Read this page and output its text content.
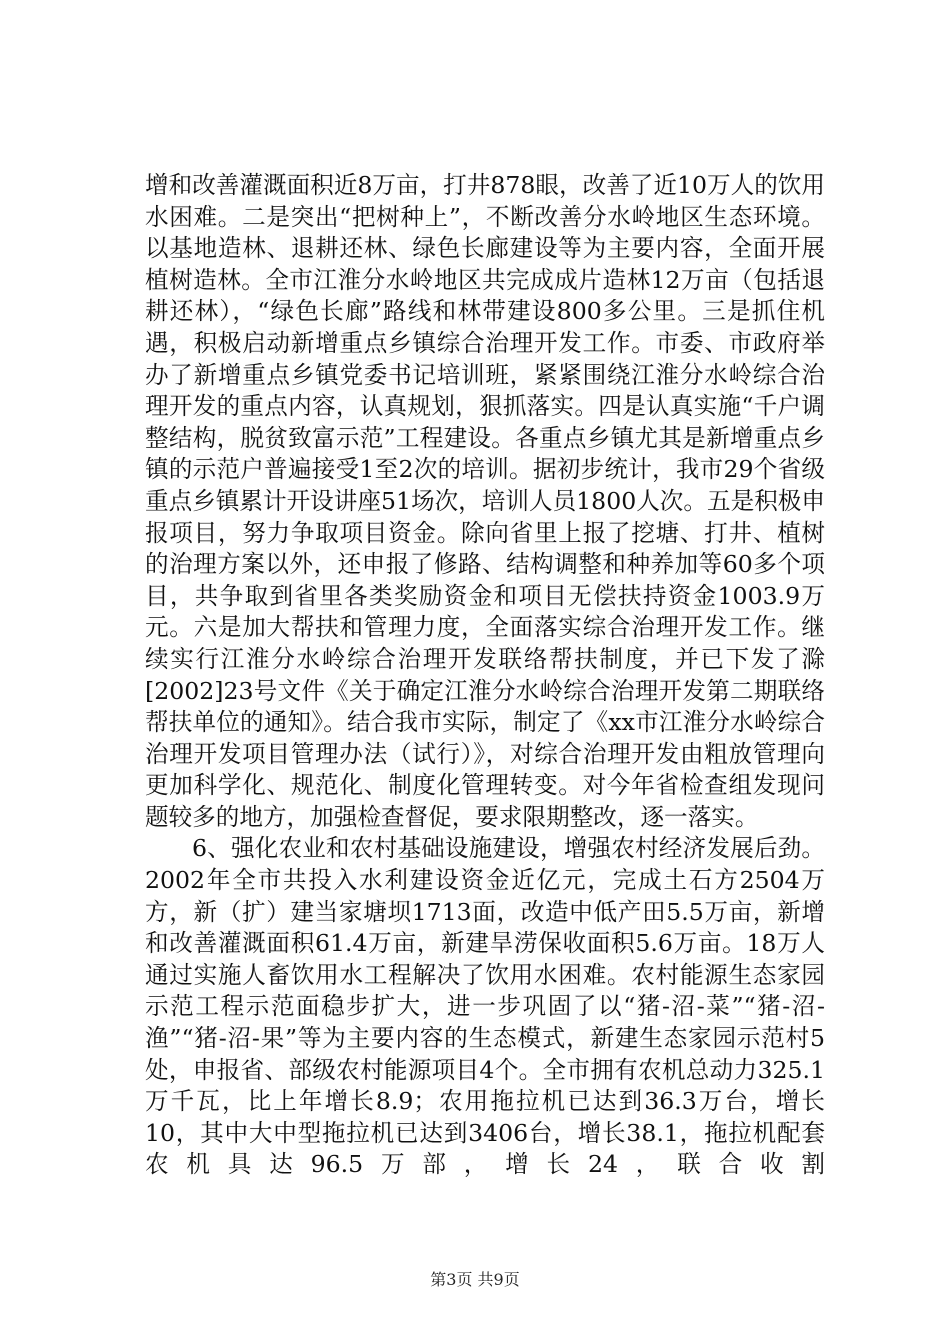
增和改善灌溉面积近8万亩，打井878眼，改善了近10万人的饮用水困难。二是突出“把树种上”，不断改善分水岭地区生态环境。以基地造林、退耕还林、绿色长廊建设等为主要内容，全面开展植树造林。全市江淮分水岭地区共完成成片造林12万亩（包括退耕还林），“绿色长廊”路线和林带建设800多公里。三是抓住机遇，积极启动新增重点乡镇综合治理开发工作。市委、市政府举办了新增重点乡镇党委书记培训班，紧紧围绕江淮分水岭综合治理开发的重点内容，认真规划，狠抓落实。四是认真实施“千户调整结构，脱贫致富示范”工程建设。各重点乡镇尤其是新增重点乡镇的示范户普遍接受1至2次的培训。据初步统计，我市29个省级重点乡镇累计开设讲座51场次，培训人员1800人次。五是积极申报项目，努力争取项目资金。除向省里上报了挖塘、打井、植树的治理方案以外，还申报了修路、结构调整和种养加等60多个项目，共争取到省里各类奖励资金和项目无偿扶持资金1003.9万元。六是加大帮扶和管理力度，全面落实综合治理开发工作。继续实行江淮分水岭综合治理开发联络帮扶制度，并已下发了滁[2002]23号文件《关于确定江淮分水岭综合治理开发第二期联络帮扶单位的通知》。结合我市实际，制定了《xx市江淮分水岭综合治理开发项目管理办法（试行）》，对综合治理开发由粗放管理向更加科学化、规范化、制度化管理转变。对今年省检查组发现问题较多的地方，加强检查督促，要求限期整改，逐一落实。

6、强化农业和农村基础设施建设，增强农村经济发展后劲。2002年全市共投入水利建设资金近亿元，完成土石方2504万方，新（扩）建当家塘坝1713面，改造中低产田5.5万亩，新增和改善灌溉面积61.4万亩，新建旱涝保收面积5.6万亩。18万人通过实施人畜饮用水工程解决了饮用水困难。农村能源生态家园示范工程示范面稳步扩大，进一步巩固了以“猪-沼-菜”“猪-沼-渔”“猪-沼-果”等为主要内容的生态模式，新建生态家园示范村5处，申报省、部级农村能源项目4个。全市拥有农机总动力325.1万千瓦，比上年增长8.9；农用拖拉机已达到36.3万台，增长10，其中大中型拖拉机已达到3406台，增长38.1，拖拉机配套农机具达96.5万部，增长24，联合收割

第3页 共9页
